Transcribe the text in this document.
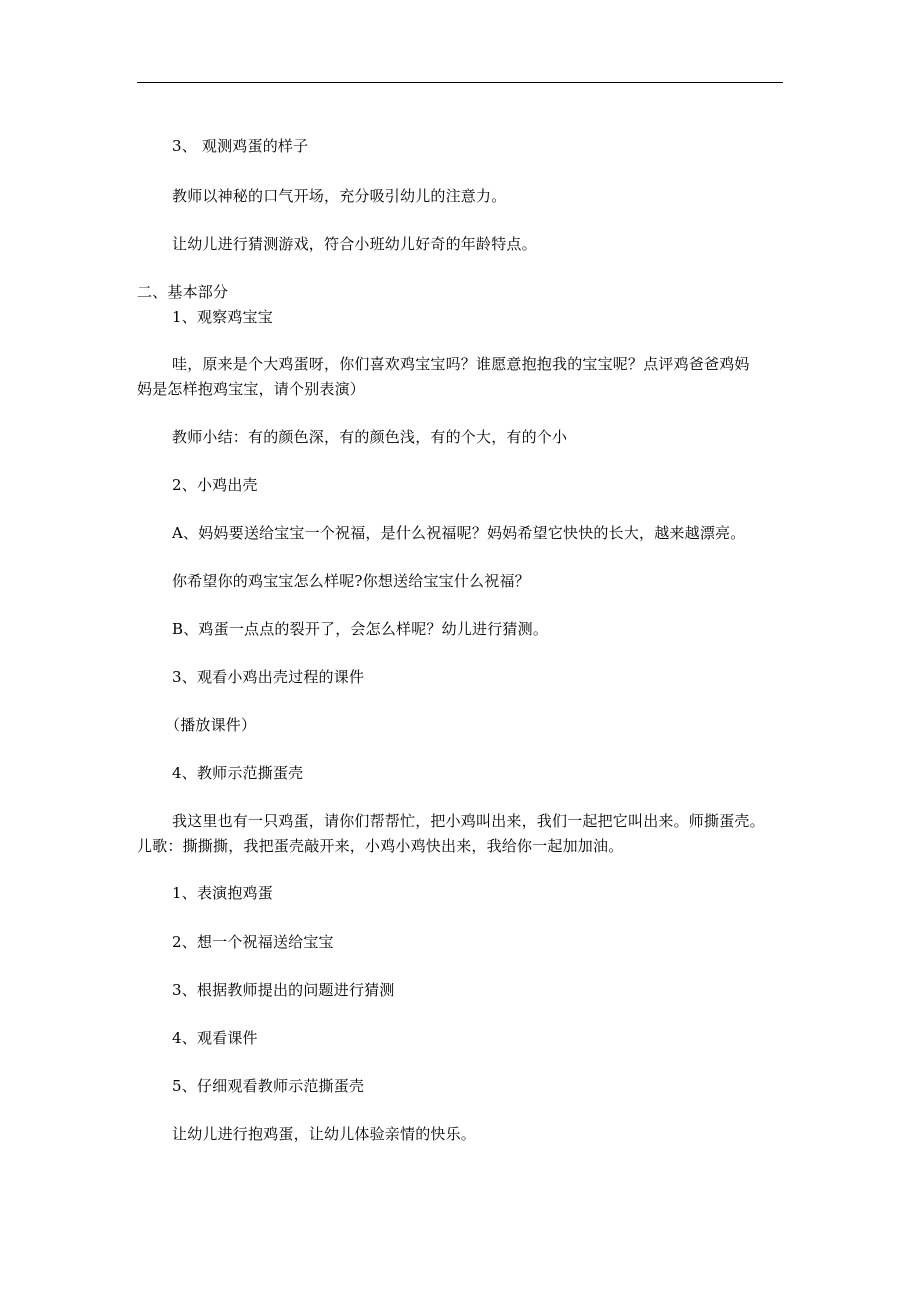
3、 观测鸡蛋的样子
教师以神秘的口气开场，充分吸引幼儿的注意力。
让幼儿进行猜测游戏，符合小班幼儿好奇的年龄特点。
二、基本部分
1、观察鸡宝宝
哇，原来是个大鸡蛋呀，你们喜欢鸡宝宝吗？谁愿意抱抱我的宝宝呢？点评鸡爸爸鸡妈
妈是怎样抱鸡宝宝，请个别表演）
教师小结：有的颜色深，有的颜色浅，有的个大，有的个小
2、小鸡出壳
A、妈妈要送给宝宝一个祝福，是什么祝福呢？妈妈希望它快快的长大，越来越漂亮。
你希望你的鸡宝宝怎么样呢?你想送给宝宝什么祝福？
B、鸡蛋一点点的裂开了，会怎么样呢？幼儿进行猜测。
3、观看小鸡出壳过程的课件
（播放课件）
4、教师示范撕蛋壳
我这里也有一只鸡蛋，请你们帮帮忙，把小鸡叫出来，我们一起把它叫出来。师撕蛋壳。
儿歌：撕撕撕，我把蛋壳敲开来，小鸡小鸡快出来，我给你一起加加油。
1、表演抱鸡蛋
2、想一个祝福送给宝宝
3、根据教师提出的问题进行猜测
4、观看课件
5、仔细观看教师示范撕蛋壳
让幼儿进行抱鸡蛋，让幼儿体验亲情的快乐。
